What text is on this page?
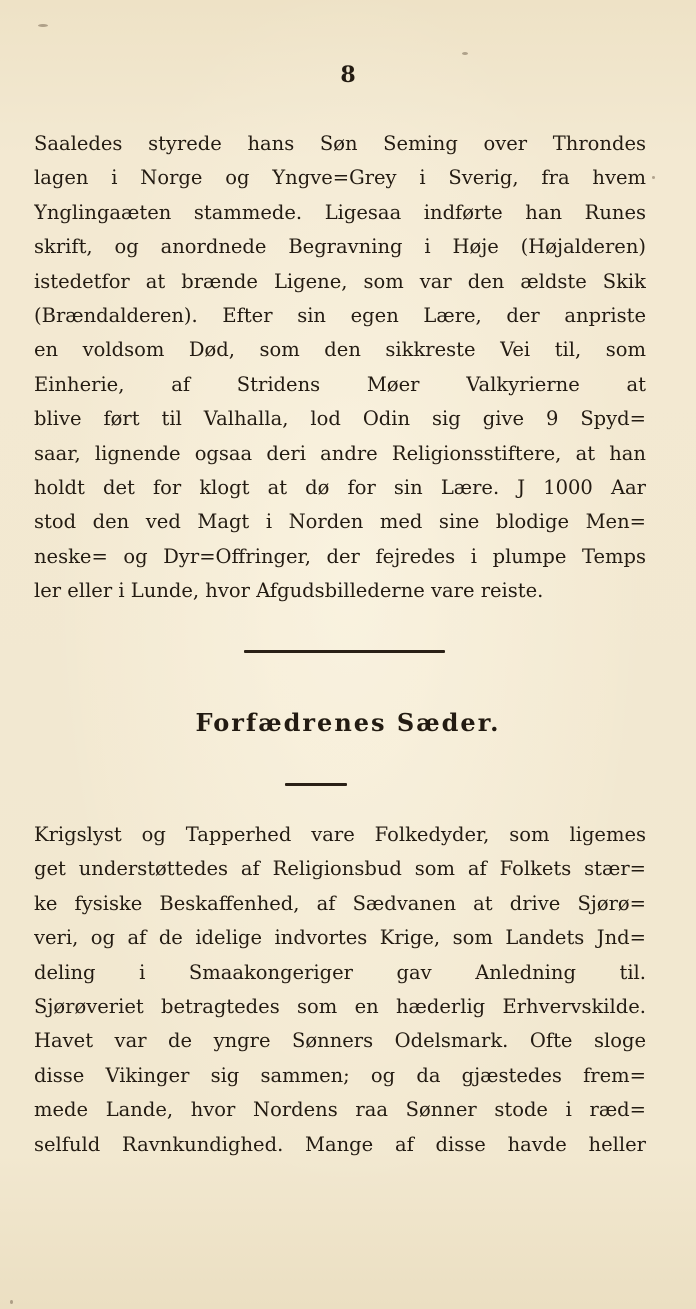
8

Saaledes styrede hans Søn Seming over Throndes
lagen i Norge og Yngve=Grey i Sverig, fra hvem
Ynglingaæten stammede. Ligesaa indførte han Runes
skrift, og anordnede Begravning i Høje (Højalderen)
istedetfor at brænde Ligene, som var den ældste Skik
(Brændalderen). Efter sin egen Lære, der anpriste
en voldsom Død, som den sikkreste Vei til, som
Einherie, af Stridens Møer Valkyrierne at
blive ført til Valhalla, lod Odin sig give 9 Spyd=
saar, lignende ogsaa deri andre Religionsstiftere, at han
holdt det for klogt at dø for sin Lære. J 1000 Aar
stod den ved Magt i Norden med sine blodige Men=
neske= og Dyr=Offringer, der fejredes i plumpe Temps
ler eller i Lunde, hvor Afgudsbilledernе vare reiste.
Forfædrenes Sæder.
Krigslyst og Tapperhed vare Folkedyder, som ligemes
get understøttedes af Religionsbud som af Folkets stær=
ke fysiske Beskaffenhed, af Sædvanen at drive Sjørø=
veri, og af de idelige indvortes Krige, som Landets Jnd=
deling i Smaakongeriger gav Anledning til.
Sjørøveriet betragtedes som en hæderlig Erhvervskilde.
Havet var de yngre Sønners Odelsmark. Ofte sloge
disse Vikinger sig sammen; og da gjæstedes frem=
mede Lande, hvor Nordens raa Sønner stode i ræd=
selfuld Ravnkundighed. Mange af disse havde heller
